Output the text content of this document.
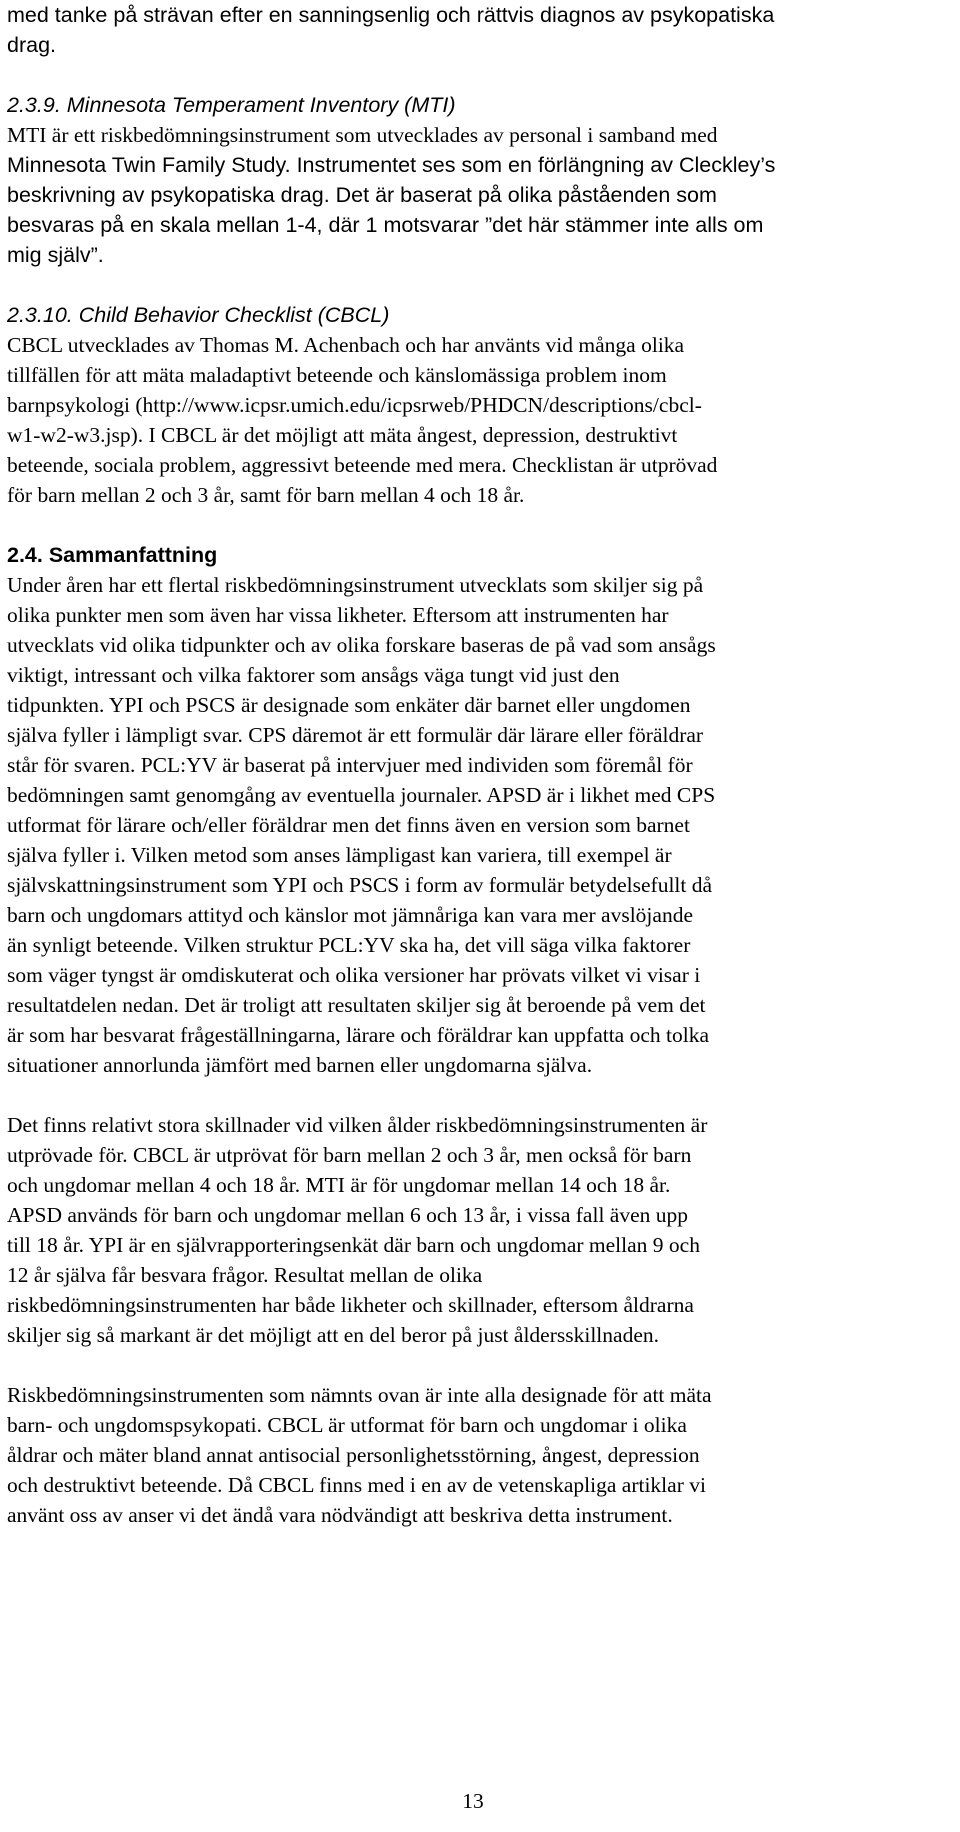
med tanke på strävan efter en sanningsenlig och rättvis diagnos av psykopatiska
drag.
2.3.9. Minnesota Temperament Inventory (MTI)
MTI är ett riskbedömningsinstrument som utvecklades av personal i samband med
Minnesota Twin Family Study. Instrumentet ses som en förlängning av Cleckley’s
beskrivning av psykopatiska drag. Det är baserat på olika påståenden som
besvaras på en skala mellan 1-4, där 1 motsvarar ”det här stämmer inte alls om
mig själv”.
2.3.10. Child Behavior Checklist (CBCL)
CBCL utvecklades av Thomas M. Achenbach och har använts vid många olika
tillfällen för att mäta maladaptivt beteende och känslomässiga problem inom
barnpsykologi (http://www.icpsr.umich.edu/icpsrweb/PHDCN/descriptions/cbcl-
w1-w2-w3.jsp). I CBCL är det möjligt att mäta ångest, depression, destruktivt
beteende, sociala problem, aggressivt beteende med mera. Checklistan är utprövad
för barn mellan 2 och 3 år, samt för barn mellan 4 och 18 år.
2.4. Sammanfattning
Under åren har ett flertal riskbedömningsinstrument utvecklats som skiljer sig på
olika punkter men som även har vissa likheter. Eftersom att instrumenten har
utvecklats vid olika tidpunkter och av olika forskare baseras de på vad som ansågs
viktigt, intressant och vilka faktorer som ansågs väga tungt vid just den
tidpunkten. YPI och PSCS är designade som enkäter där barnet eller ungdomen
själva fyller i lämpligt svar. CPS däremot är ett formulär där lärare eller föräldrar
står för svaren. PCL:YV är baserat på intervjuer med individen som föremål för
bedömningen samt genomgång av eventuella journaler. APSD är i likhet med CPS
utformat för lärare och/eller föräldrar men det finns även en version som barnet
själva fyller i. Vilken metod som anses lämpligast kan variera, till exempel är
självskattningsinstrument som YPI och PSCS i form av formulär betydelsefullt då
barn och ungdomars attityd och känslor mot jämnåriga kan vara mer avslöjande
än synligt beteende. Vilken struktur PCL:YV ska ha, det vill säga vilka faktorer
som väger tyngst är omdiskuterat och olika versioner har prövats vilket vi visar i
resultatdelen nedan. Det är troligt att resultaten skiljer sig åt beroende på vem det
är som har besvarat frågeställningarna, lärare och föräldrar kan uppfatta och tolka
situationer annorlunda jämfört med barnen eller ungdomarna själva.
Det finns relativt stora skillnader vid vilken ålder riskbedömningsinstrumenten är
utprövade för. CBCL är utprövat för barn mellan 2 och 3 år, men också för barn
och ungdomar mellan 4 och 18 år. MTI är för ungdomar mellan 14 och 18 år.
APSD används för barn och ungdomar mellan 6 och 13 år, i vissa fall även upp
till 18 år. YPI är en självrapporteringsenkät där barn och ungdomar mellan 9 och
12 år själva får besvara frågor. Resultat mellan de olika
riskbedömningsinstrumenten har både likheter och skillnader, eftersom åldrarna
skiljer sig så markant är det möjligt att en del beror på just åldersskillnaden.
Riskbedömningsinstrumenten som nämnts ovan är inte alla designade för att mäta
barn- och ungdomspsykopati. CBCL är utformat för barn och ungdomar i olika
åldrar och mäter bland annat antisocial personlighetsstörning, ångest, depression
och destruktivt beteende. Då CBCL finns med i en av de vetenskapliga artiklar vi
använt oss av anser vi det ändå vara nödvändigt att beskriva detta instrument.
13
